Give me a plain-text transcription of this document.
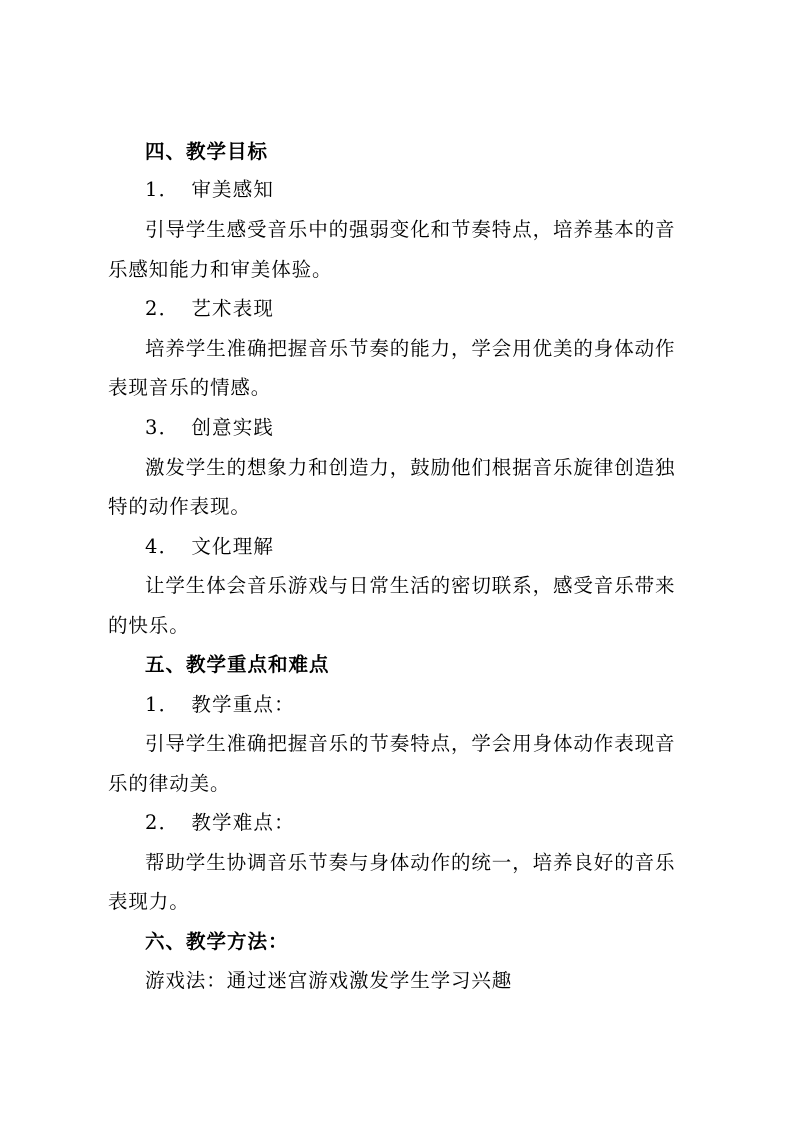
四、教学目标
1． 审美感知
引导学生感受音乐中的强弱变化和节奏特点，培养基本的音
乐感知能力和审美体验。
2． 艺术表现
培养学生准确把握音乐节奏的能力，学会用优美的身体动作
表现音乐的情感。
3． 创意实践
激发学生的想象力和创造力，鼓励他们根据音乐旋律创造独
特的动作表现。
4． 文化理解
让学生体会音乐游戏与日常生活的密切联系，感受音乐带来
的快乐。
五、教学重点和难点
1． 教学重点：
引导学生准确把握音乐的节奏特点，学会用身体动作表现音
乐的律动美。
2． 教学难点：
帮助学生协调音乐节奏与身体动作的统一，培养良好的音乐
表现力。
六、教学方法：
游戏法：通过迷宫游戏激发学生学习兴趣
